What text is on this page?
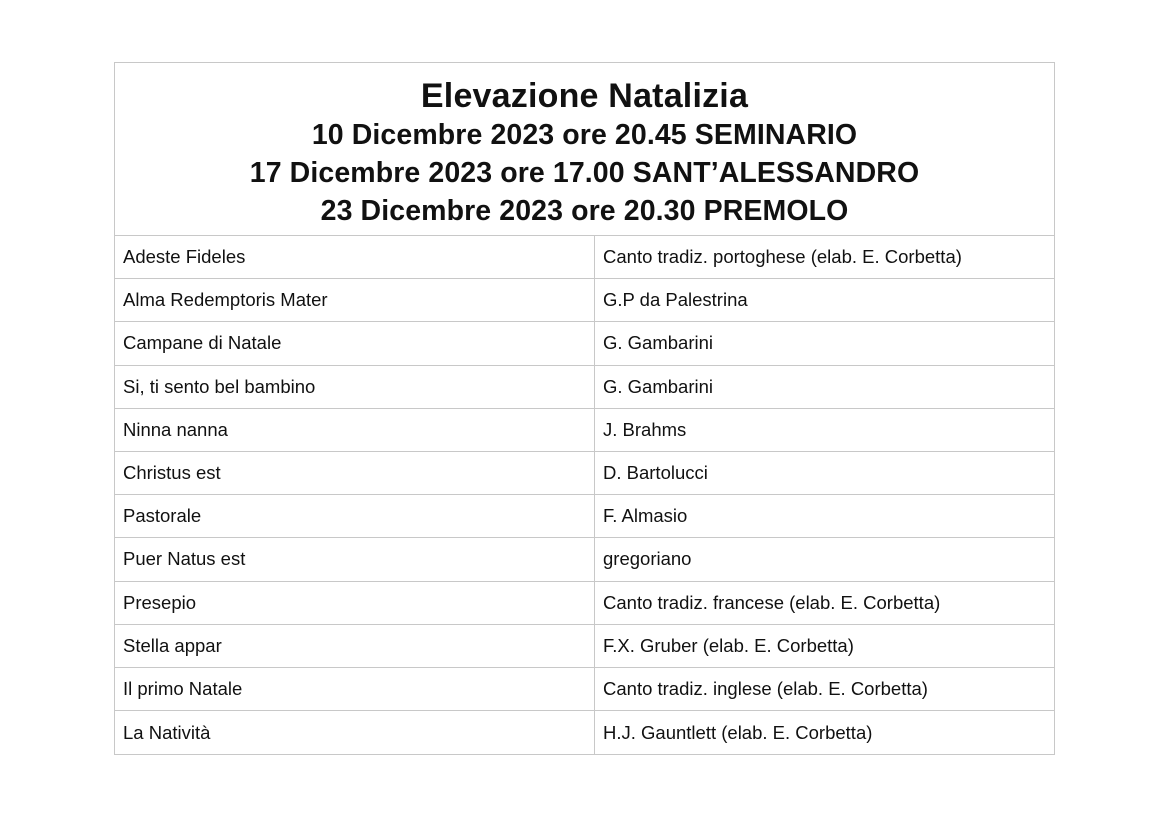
Elevazione Natalizia
10 Dicembre 2023 ore 20.45 SEMINARIO
17 Dicembre 2023 ore 17.00 SANT’ALESSANDRO
23 Dicembre 2023 ore 20.30 PREMOLO
Adeste Fideles	Canto tradiz. portoghese (elab. E. Corbetta)
Alma Redemptoris Mater	G.P da Palestrina
Campane di Natale	G. Gambarini
Si, ti sento bel bambino	G. Gambarini
Ninna nanna	J. Brahms
Christus est	D. Bartolucci
Pastorale	F. Almasio
Puer Natus est	gregoriano
Presepio	Canto tradiz. francese (elab. E. Corbetta)
Stella appar	F.X. Gruber (elab. E. Corbetta)
Il primo Natale	Canto tradiz. inglese (elab. E. Corbetta)
La Natività	H.J. Gauntlett (elab. E. Corbetta)
